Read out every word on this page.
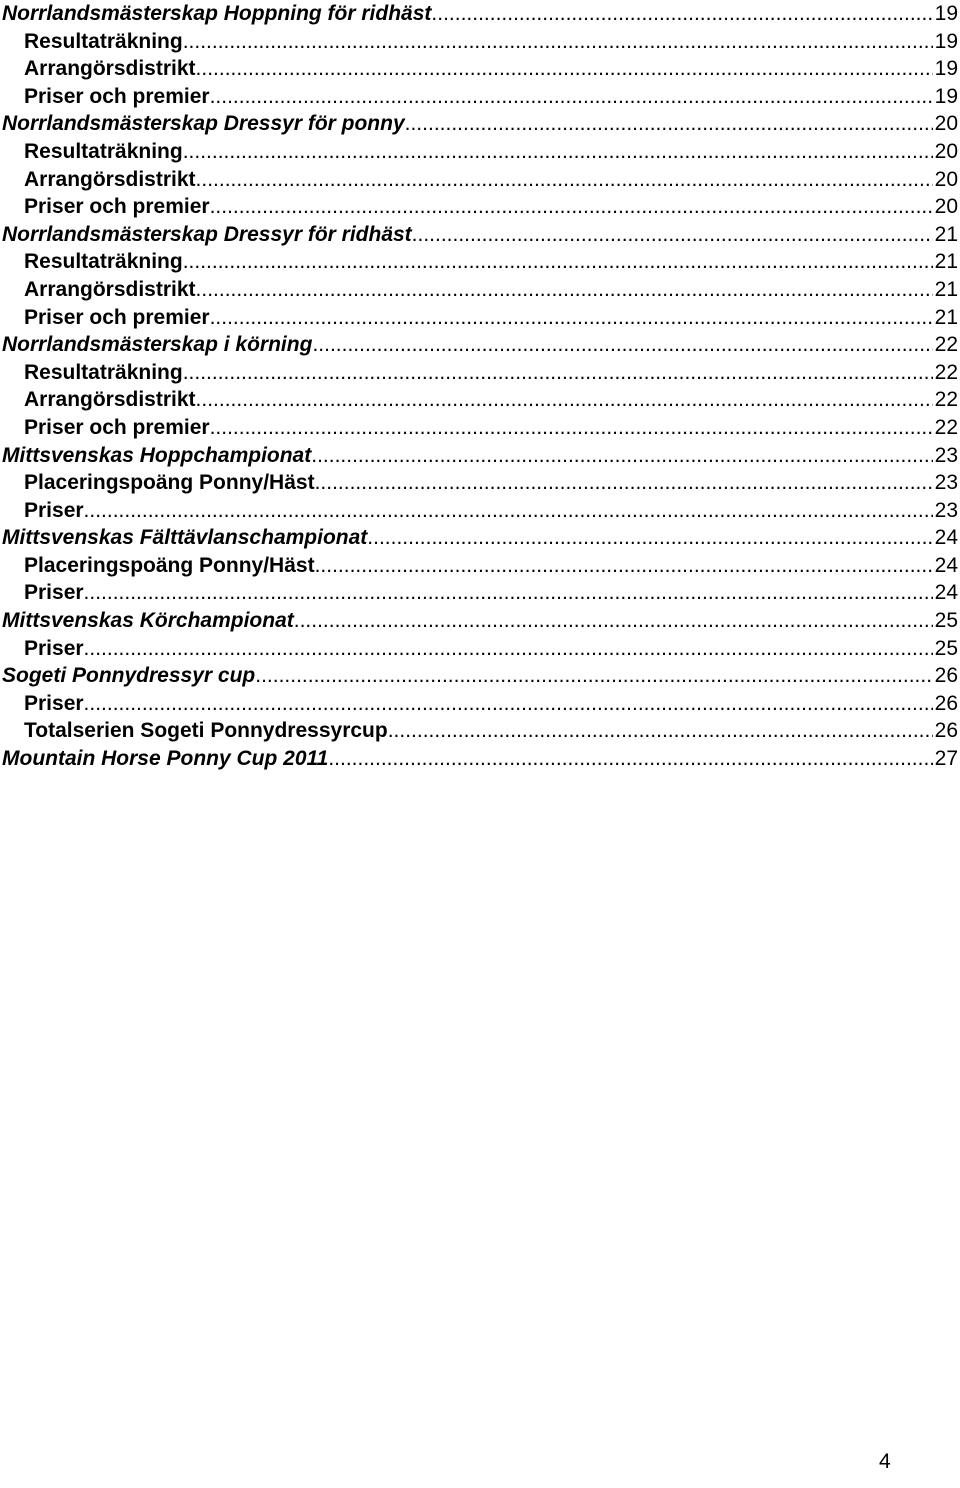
Norrlandsmästerskap Hoppning för ridhäst .....	19
Resultaträkning .....	19
Arrangörsdistrikt .....	19
Priser och premier .....	19
Norrlandsmästerskap Dressyr för ponny .....	20
Resultaträkning .....	20
Arrangörsdistrikt .....	20
Priser och premier .....	20
Norrlandsmästerskap Dressyr för ridhäst .....	21
Resultaträkning .....	21
Arrangörsdistrikt .....	21
Priser och premier .....	21
Norrlandsmästerskap i körning .....	22
Resultaträkning .....	22
Arrangörsdistrikt .....	22
Priser och premier .....	22
Mittsvenskas Hoppchampionat .....	23
Placeringspoäng Ponny/Häst .....	23
Priser .....	23
Mittsvenskas Fälttävlanschampionat .....	24
Placeringspoäng Ponny/Häst .....	24
Priser .....	24
Mittsvenskas Körchampionat .....	25
Priser .....	25
Sogeti Ponnydressyr cup .....	26
Priser .....	26
Totalserien Sogeti Ponnydressyrcup .....	26
Mountain Horse Ponny Cup 2011 .....	27
4
